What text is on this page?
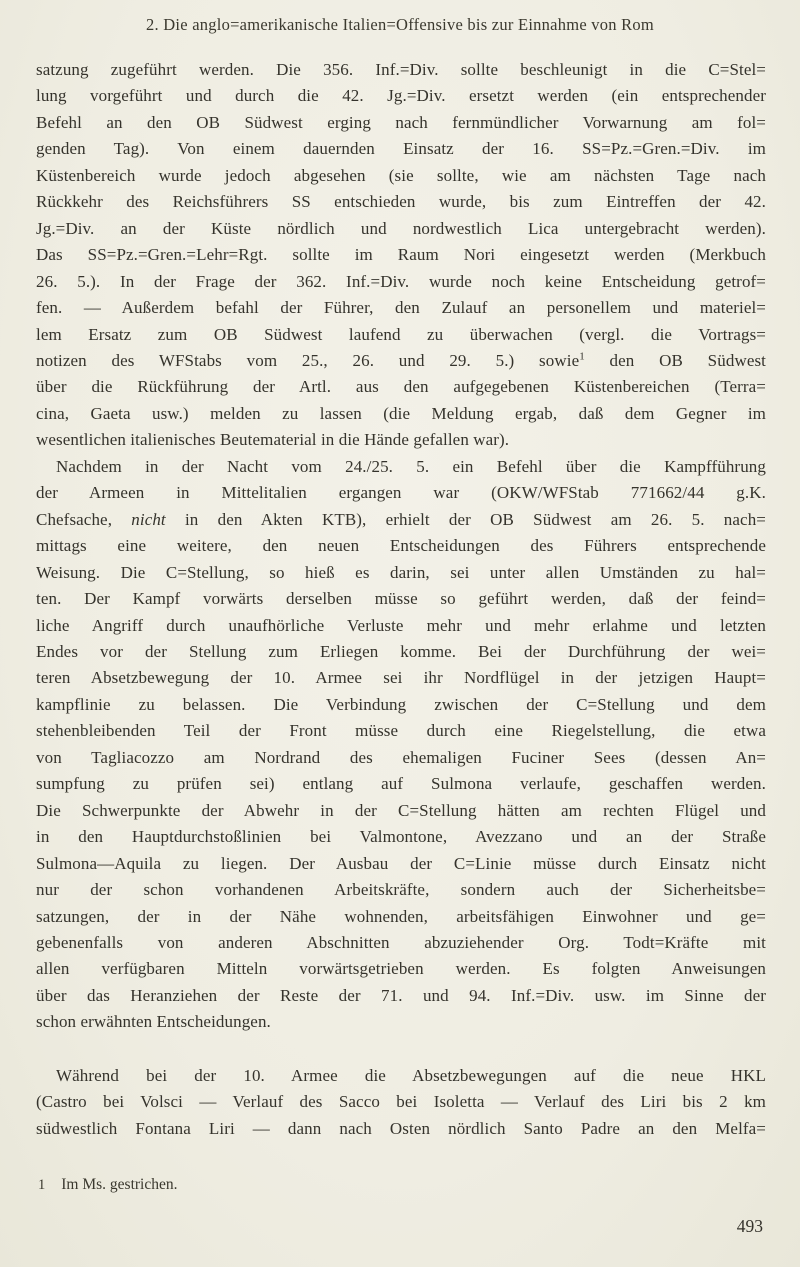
2. Die anglo=amerikanische Italien=Offensive bis zur Einnahme von Rom
satzung zugeführt werden. Die 356. Inf.=Div. sollte beschleunigt in die C=Stel=
lung vorgeführt und durch die 42. Jg.=Div. ersetzt werden (ein entsprechender
Befehl an den OB Südwest erging nach fernmündlicher Vorwarnung am fol=
genden Tag). Von einem dauernden Einsatz der 16. SS=Pz.=Gren.=Div. im
Küstenbereich wurde jedoch abgesehen (sie sollte, wie am nächsten Tage nach
Rückkehr des Reichsführers SS entschieden wurde, bis zum Eintreffen der 42.
Jg.=Div. an der Küste nördlich und nordwestlich Lica untergebracht werden).
Das SS=Pz.=Gren.=Lehr=Rgt. sollte im Raum Nori eingesetzt werden (Merkbuch
26. 5.). In der Frage der 362. Inf.=Div. wurde noch keine Entscheidung getrof=
fen. — Außerdem befahl der Führer, den Zulauf an personellem und materiel=
lem Ersatz zum OB Südwest laufend zu überwachen (vergl. die Vortrags=
notizen des WFStabs vom 25., 26. und 29. 5.) sowie$^1$ den OB Südwest
über die Rückführung der Artl. aus den aufgegebenen Küstenbereichen (Terra=
cina, Gaeta usw.) melden zu lassen (die Meldung ergab, daß dem Gegner im
wesentlichen italienisches Beutematerial in die Hände gefallen war).
Nachdem in der Nacht vom 24./25. 5. ein Befehl über die Kampfführung
der Armeen in Mittelitalien ergangen war (OKW/WFStab 771662/44 g.K.
Chefsache, nicht in den Akten KTB), erhielt der OB Südwest am 26. 5. nach=
mittags eine weitere, den neuen Entscheidungen des Führers entsprechende
Weisung. Die C=Stellung, so hieß es darin, sei unter allen Umständen zu hal=
ten. Der Kampf vorwärts derselben müsse so geführt werden, daß der feind=
liche Angriff durch unaufhörliche Verluste mehr und mehr erlahme und letzten
Endes vor der Stellung zum Erliegen komme. Bei der Durchführung der wei=
teren Absetzbewegung der 10. Armee sei ihr Nordflügel in der jetzigen Haupt=
kampflinie zu belassen. Die Verbindung zwischen der C=Stellung und dem
stehenbleibenden Teil der Front müsse durch eine Riegelstellung, die etwa
von Tagliacozzo am Nordrand des ehemaligen Fuciner Sees (dessen An=
sumpfung zu prüfen sei) entlang auf Sulmona verlaufe, geschaffen werden.
Die Schwerpunkte der Abwehr in der C=Stellung hätten am rechten Flügel und
in den Hauptdurchstoßlinien bei Valmontone, Avezzano und an der Straße
Sulmona—Aquila zu liegen. Der Ausbau der C=Linie müsse durch Einsatz nicht
nur der schon vorhandenen Arbeitskräfte, sondern auch der Sicherheitsbe=
satzungen, der in der Nähe wohnenden, arbeitsfähigen Einwohner und ge=
gebenenfalls von anderen Abschnitten abzuziehender Org. Todt=Kräfte mit
allen verfügbaren Mitteln vorwärtsgetrieben werden. Es folgten Anweisungen
über das Heranziehen der Reste der 71. und 94. Inf.=Div. usw. im Sinne der
schon erwähnten Entscheidungen.
Während bei der 10. Armee die Absetzbewegungen auf die neue HKL
(Castro bei Volsci — Verlauf des Sacco bei Isoletta — Verlauf des Liri bis 2 km
südwestlich Fontana Liri — dann nach Osten nördlich Santo Padre an den Melfa=
1 Im Ms. gestrichen.
493
